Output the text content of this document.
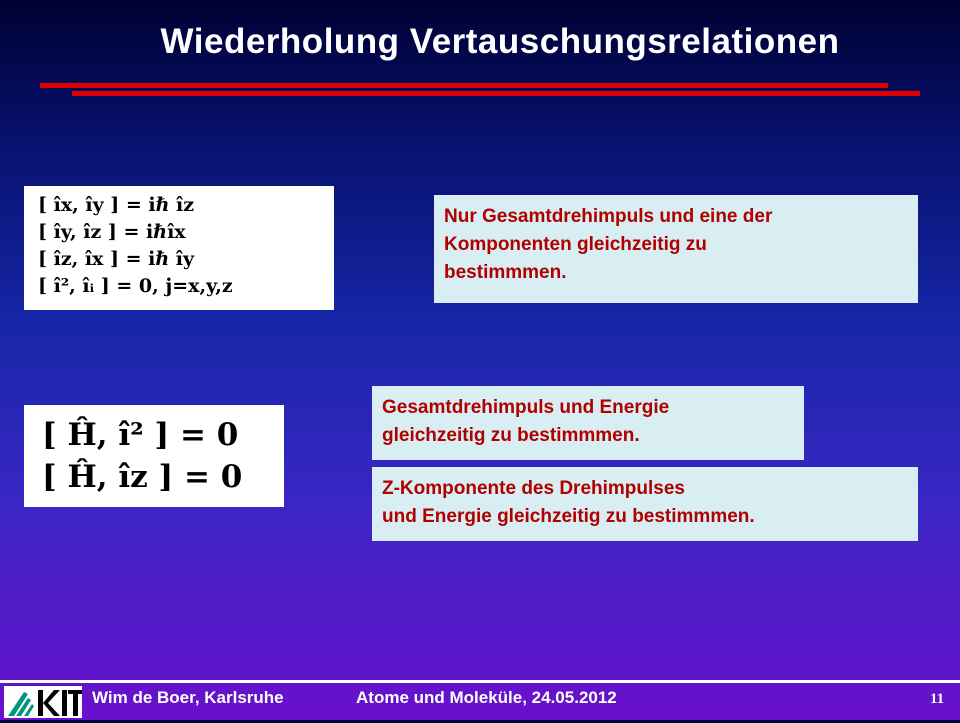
Wiederholung Vertauschungsrelationen
[ îx, îy ] = iℏ îz
[ îy, îz ] = iℏîx
[ îz, îx ] = iℏ îy
[ î², îᵢ ] = 0, j=x,y,z
[ Ĥ, î² ] = 0
[ Ĥ, îz ] = 0
Nur Gesamtdrehimpuls und eine der
Komponenten gleichzeitig zu
bestimmmen.
Gesamtdrehimpuls und Energie
gleichzeitig zu bestimmmen.
Z-Komponente des Drehimpulses
und Energie gleichzeitig zu bestimmmen.
Wim de Boer, Karlsruhe	Atome und Moleküle, 24.05.2012	11
